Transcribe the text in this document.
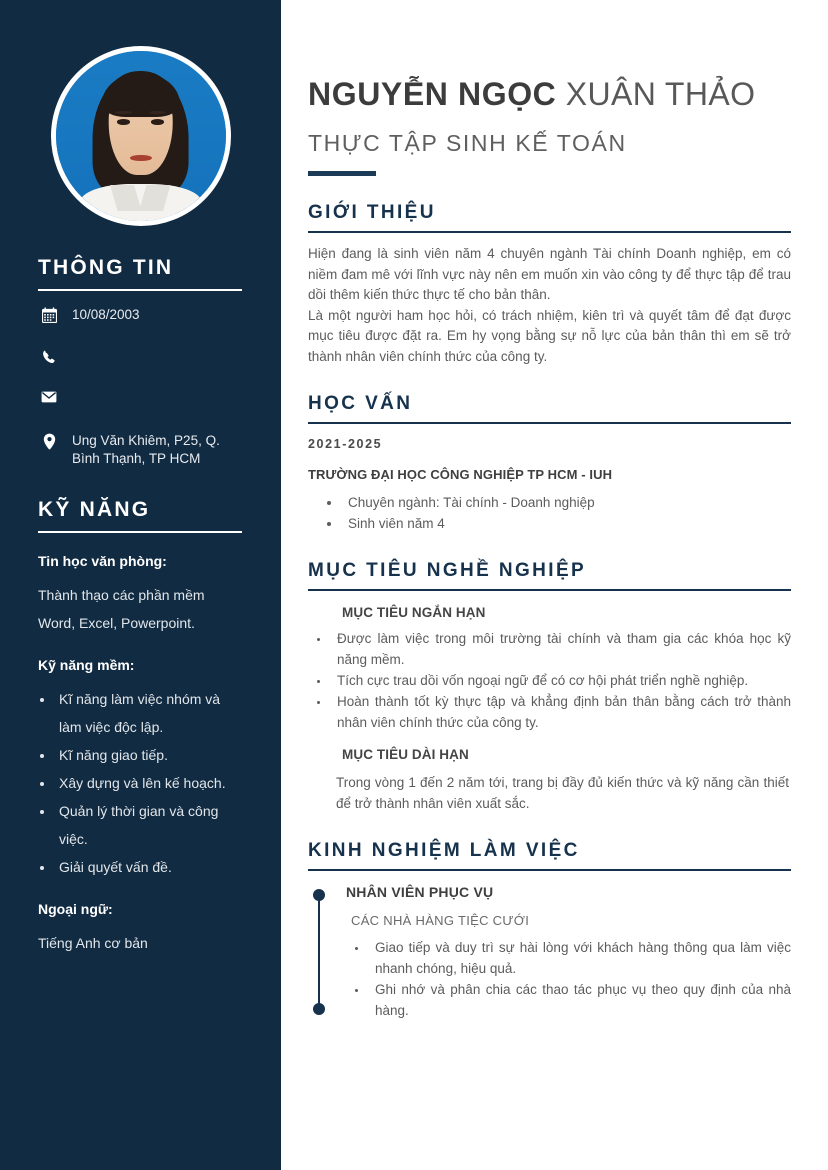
THÔNG TIN
10/08/2003
Ung Văn Khiêm, P25, Q. Bình Thạnh, TP HCM
KỸ NĂNG
Tin học văn phòng:
Thành thạo các phần mềm Word, Excel, Powerpoint.
Kỹ năng mềm:
• Kĩ năng làm việc nhóm và làm việc độc lập.
• Kĩ năng giao tiếp.
• Xây dựng và lên kế hoạch.
• Quản lý thời gian và công việc.
• Giải quyết vấn đề.
Ngoại ngữ:
Tiếng Anh cơ bản
NGUYỄN NGỌC XUÂN THẢO
THỰC TẬP SINH KẾ TOÁN
GIỚI THIỆU

Hiện đang là sinh viên năm 4 chuyên ngành Tài chính Doanh nghiệp, em có niềm đam mê với lĩnh vực này nên em muốn xin vào công ty để thực tập để trau dồi thêm kiến thức thực tế cho bản thân.

Là một người ham học hỏi, có trách nhiệm, kiên trì và quyết tâm để đạt được mục tiêu được đặt ra. Em hy vọng bằng sự nỗ lực của bản thân thì em sẽ trở thành nhân viên chính thức của công ty.

HỌC VẤN
2021-2025
TRƯỜNG ĐẠI HỌC CÔNG NGHIỆP TP HCM - IUH
• Chuyên ngành: Tài chính - Doanh nghiệp
• Sinh viên năm 4
MỤC TIÊU NGHỀ NGHIỆP
MỤC TIÊU NGẮN HẠN
• Được làm việc trong môi trường tài chính và tham gia các khóa học kỹ năng mềm.
• Tích cực trau dồi vốn ngoại ngữ để có cơ hội phát triển nghề nghiệp.
• Hoàn thành tốt kỳ thực tập và khẳng định bản thân bằng cách trở thành nhân viên chính thức của công ty.
MỤC TIÊU DÀI HẠN

Trong vòng 1 đến 2 năm tới, trang bị đầy đủ kiến thức và kỹ năng cần thiết để trở thành nhân viên xuất sắc.

KINH NGHIỆM LÀM VIỆC
NHÂN VIÊN PHỤC VỤ
CÁC NHÀ HÀNG TIỆC CƯỚI
• Giao tiếp và duy trì sự hài lòng với khách hàng thông qua làm việc nhanh chóng, hiệu quả.
• Ghi nhớ và phân chia các thao tác phục vụ theo quy định của nhà hàng.
